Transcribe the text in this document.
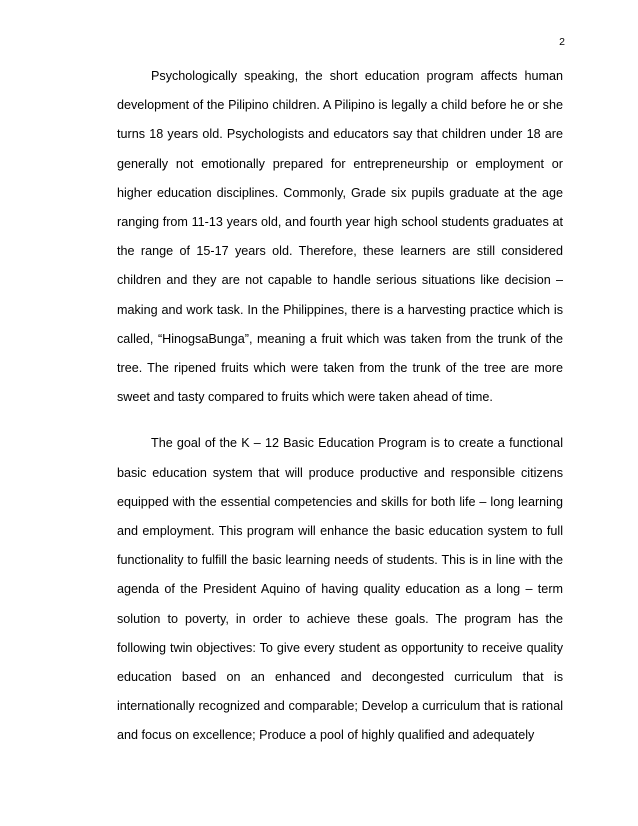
2

Psychologically speaking, the short education program affects human development of the Pilipino children. A Pilipino is legally a child before he or she turns 18 years old. Psychologists and educators say that children under 18 are generally not emotionally prepared for entrepreneurship or employment or higher education disciplines. Commonly, Grade six pupils graduate at the age ranging from 11-13 years old, and fourth year high school students graduates at the range of 15-17 years old. Therefore, these learners are still considered children and they are not capable to handle serious situations like decision – making and work task. In the Philippines, there is a harvesting practice which is called, “HinogsaBunga”, meaning a fruit which was taken from the trunk of the tree. The ripened fruits which were taken from the trunk of the tree are more sweet and tasty compared to fruits which were taken ahead of time.

The goal of the K – 12 Basic Education Program is to create a functional basic education system that will produce productive and responsible citizens equipped with the essential competencies and skills for both life – long learning and employment. This program will enhance the basic education system to full functionality to fulfill the basic learning needs of students. This is in line with the agenda of the President Aquino of having quality education as a long – term solution to poverty, in order to achieve these goals. The program has the following twin objectives: To give every student as opportunity to receive quality education based on an enhanced and decongested curriculum that is internationally recognized and comparable; Develop a curriculum that is rational and focus on excellence; Produce a pool of highly qualified and adequately
